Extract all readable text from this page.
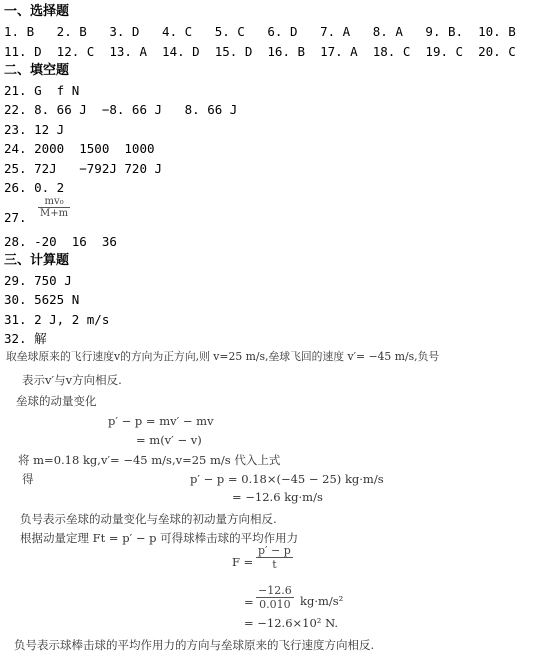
一、选择题
1. B   2. B   3. D   4. C   5. C   6. D   7. A   8. A   9. B.  10. B
11. D  12. C  13. A  14. D  15. D  16. B  17. A  18. C  19. C  20. C
二、填空题
21. G  f N
22. 8. 66 J  −8. 66 J   8. 66 J
23. 12 J
24. 2000  1500  1000
25. 72J   −792J 720 J
26. 0. 2
27. $\frac{\text{mv₀}}{M+m}$
28. -20  16  36
三、计算题
29. 750 J
30. 5625 N
31. 2 J, 2 m/s
32. 解
取垒球原来的飞行速度v的方向为正方向,则 v=25 m/s,垒球飞回的速度 v′= −45 m/s,负号
表示v′与v方向相反.
垒球的动量变化
p′ − p = mv′ − mv
= m(v′ − v)
将 m=0.18 kg,v′= −45 m/s,v=25 m/s 代入上式
得	p′ − p = 0.18×(−45 − 25) kg·m/s
= −12.6 kg·m/s
负号表示垒球的动量变化与垒球的初动量方向相反.
根据动量定理 Ft = p′ − p 可得球棒击球的平均作用力
$F = \frac{p' - p}{t}$
= $\frac{-12.6}{0.010} kg\cdot m/s^2$
= −12.6×10² N.
负号表示球棒击球的平均作用力的方向与垒球原来的飞行速度方向相反.
